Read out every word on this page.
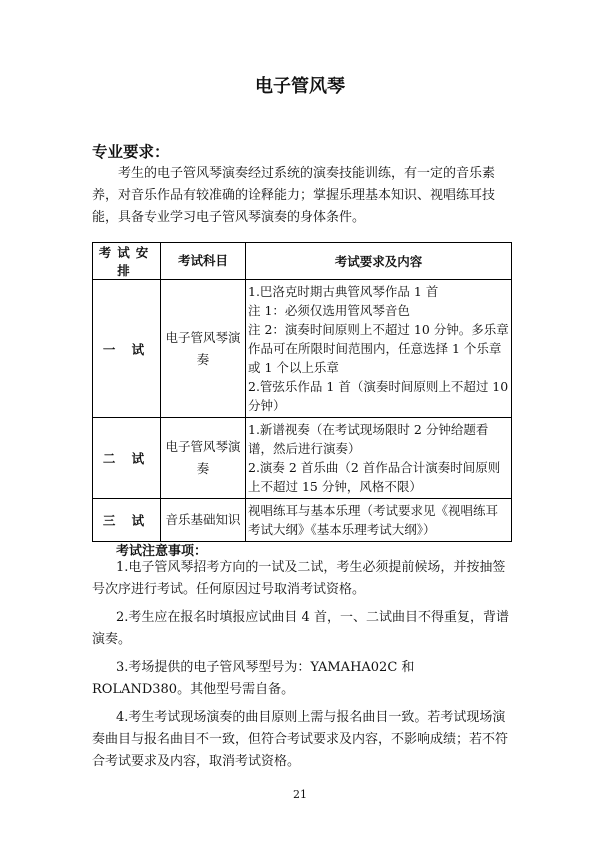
电子管风琴
专业要求：

考生的电子管风琴演奏经过系统的演奏技能训练，有一定的音乐素养，对音乐作品有较准确的诠释能力；掌握乐理基本知识、视唱练耳技能，具备专业学习电子管风琴演奏的身体条件。

考试安排	考试科目	考试要求及内容
一 试	电子管风琴演奏	1.巴洛克时期古典管风琴作品 1 首
注 1：必须仅选用管风琴音色
注 2：演奏时间原则上不超过 10 分钟。多乐章作品可在所限时间范围内，任意选择 1 个乐章或 1 个以上乐章
2.管弦乐作品 1 首（演奏时间原则上不超过 10 分钟）

二 试	电子管风琴演奏	1.新谱视奏（在考试现场限时 2 分钟给题看谱，然后进行演奏）
2.演奏 2 首乐曲（2 首作品合计演奏时间原则上不超过 15 分钟，风格不限）

三 试	音乐基础知识	视唱练耳与基本乐理（考试要求见《视唱练耳考试大纲》《基本乐理考试大纲》）
考试注意事项：

1.电子管风琴招考方向的一试及二试，考生必须提前候场，并按抽签号次序进行考试。任何原因过号取消考试资格。

2.考生应在报名时填报应试曲目 4 首，一、二试曲目不得重复，背谱演奏。

3.考场提供的电子管风琴型号为：YAMAHA02C 和 ROLAND380。其他型号需自备。

4.考生考试现场演奏的曲目原则上需与报名曲目一致。若考试现场演奏曲目与报名曲目不一致，但符合考试要求及内容，不影响成绩；若不符合考试要求及内容，取消考试资格。

21
